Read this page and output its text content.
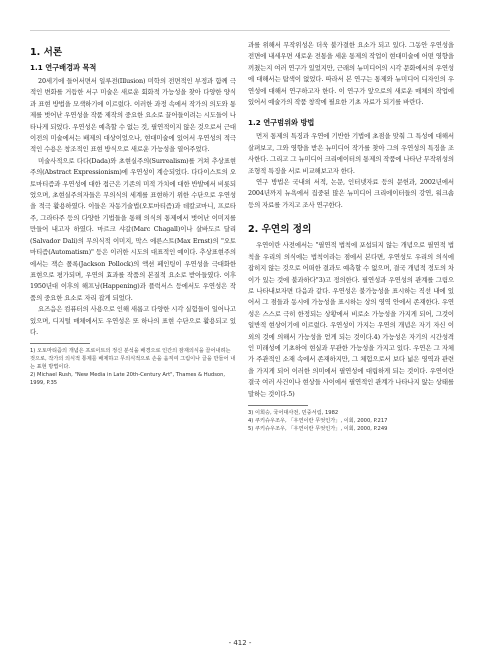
1. 서론
1.1 연구배경과 목적

20세기에 들어서면서 일루전(Illusion) 미학의 전면적인 부정과 함께 극적인 변화를 거듭한 서구 미술은 새로운 회화적 가능성을 찾아 다양한 양식과 표현 방법을 모색하기에 이르렀다. 이러한 과정 속에서 작가의 의도와 통제를 벗어난 우연성을 작품 제작의 중요한 요소로 끌어들이려는 시도들이 나타나게 되었다. 우연성은 예측할 수 없는 것, 필연적이지 않은 것으로서 근대 이전의 미술에서는 배제의 대상이었으나, 현대미술에 있어서 우연성의 적극적인 수용은 창조적인 표현 방식으로 새로운 가능성을 열어주었다.

미술사적으로 다다(Dada)와 초현실주의(Surrealism)를 거쳐 추상표현주의(Abstract Expressionism)에 우연성이 계승되었다. 다다이스트의 오토마티즘과 우연성에 대한 접근은 기존의 미적 가치에 대한 반발에서 비롯되었으며, 초현실주의자들은 무의식의 세계를 표현하기 위한 수단으로 우연성을 적극 활용하였다. 이들은 자동기술법(오토마티즘)과 데칼코마니, 프로타주, 그라타주 등의 다양한 기법들을 통해 의식의 통제에서 벗어난 이미지를 만들어 내고자 하였다. 마르크 샤갈(Marc Chagall)이나 살바도르 달리(Salvador Dali)의 무의식적 이미지, 막스 에른스트(Max Ernst)의 "오토마티즘(Automatism)" 등은 이러한 시도의 대표적인 예이다. 추상표현주의에서는 잭슨 폴록(Jackson Pollock)의 액션 페인팅이 우연성을 극대화한 표현으로 평가되며, 우연의 효과를 작품의 본질적 요소로 받아들였다. 이후 1950년대 이후의 해프닝(Happening)과 플럭서스 등에서도 우연성은 작품의 중요한 요소로 자리 잡게 되었다.

요즈음은 컴퓨터의 사용으로 인해 새롭고 다양한 시각 실험들이 일어나고 있으며, 디지털 매체에서도 우연성은 또 하나의 표현 수단으로 활용되고 있다.

1) 오토마티즘의 개념은 프로이트의 정신 분석을 배경으로 인간의 잠재의식을 끌어내려는 것으로, 작가의 의식적 통제를 배제하고 무의식적으로 손을 움직여 그림이나 글을 만들어 내는 표현 방법이다.

2) Michael Rush, "New Media in Late 20th-Century Art", Thames & Hudson, 1999, P.35

과를 위해서 무작위성은 더욱 불가결한 요소가 되고 있다. 그동안 우연성을 전면에 내세우면 새로운 전통을 세운 통제의 작업이 현대미술에 어떤 영향을 끼쳤는지 여러 연구가 있었지만, 근래의 뉴미디어의 시각 문화에서의 우연성에 대해서는 탐색이 없었다. 따라서 본 연구는 통제와 뉴미디어 디자인의 우연성에 대해서 연구하고자 한다. 이 연구가 앞으로의 새로운 매체의 작업에 있어서 예술가의 작품 창작에 필요한 기초 자료가 되기를 바란다.

1.2 연구범위와 방법

먼저 통제의 특징과 우연에 기반한 기법에 초점을 맞춰 그 특성에 대해서 살펴보고, 그와 영향을 받은 뉴미디어 작가를 찾아 그의 우연성의 특징을 조사한다. 그리고 그 뉴미디어 크리에이터의 통제의 작품에 나타난 무작위성의 조형적 특징을 서로 비교해보고자 한다.

연구 방법은 국내외 서적, 논문, 인터넷자료 등의 문헌과, 2002년에서 2004년까지 뉴욕에서 집중된 많은 뉴미디어 크리에이터들의 강연, 워크숍 등의 자료를 가지고 조사 연구한다.

2. 우연의 정의

우연이란 사전에서는 "필연적 법칙에 포섭되지 않는 개념으로 필연적 법칙을 우리의 의식에는 법칙이라는 점에서 본다면, 우연성도 우리의 의식에 잡히지 않는 것으로 어떠한 결과도 예측할 수 없으며, 결국 개념적 정도의 차이가 있는 것에 불과하다"3)고 정의한다. 필연성과 우연성의 관계를 그림으로 나타내보자면 다음과 같다. 우연성은 불가능성을 표시하는 직선 내에 있어서 그 점들과 동시에 가능성을 표시하는 상의 영역 안에서 존재한다. 우연성은 스스로 극히 한정되는 상황에서 비로소 가능성을 가지게 되어, 그것이 일반적 현상이기에 이르렀다. 우연성이 가지는 우연의 개념은 자기 자신 이외의 것에 의해서 가능성을 얻게 되는 것이다.4) 가능성은 자기의 시간성격인 미래성에 기초하여 현실과 무관한 가능성을 가지고 있다. 우연은 그 자체가 주관적인 소재 속에서 존재하지만, 그 체험으로서 보다 넓은 영역과 관련을 가지게 되어 이러한 의미에서 필연성에 대립하게 되는 것이다. 우연이란 결국 여러 사건이나 현상들 사이에서 필연적인 관계가 나타나지 않는 상태를 말하는 것이다.5)

3) 이희승, 국어대사전, 민중서림, 1982

4) 쿠키슈우조우, 「우연이란 무엇인가」, 이회, 2000, P.217

5) 쿠키슈우조우, 「우연이란 무엇인가」, 이회, 2000, P.249

- 412 -
